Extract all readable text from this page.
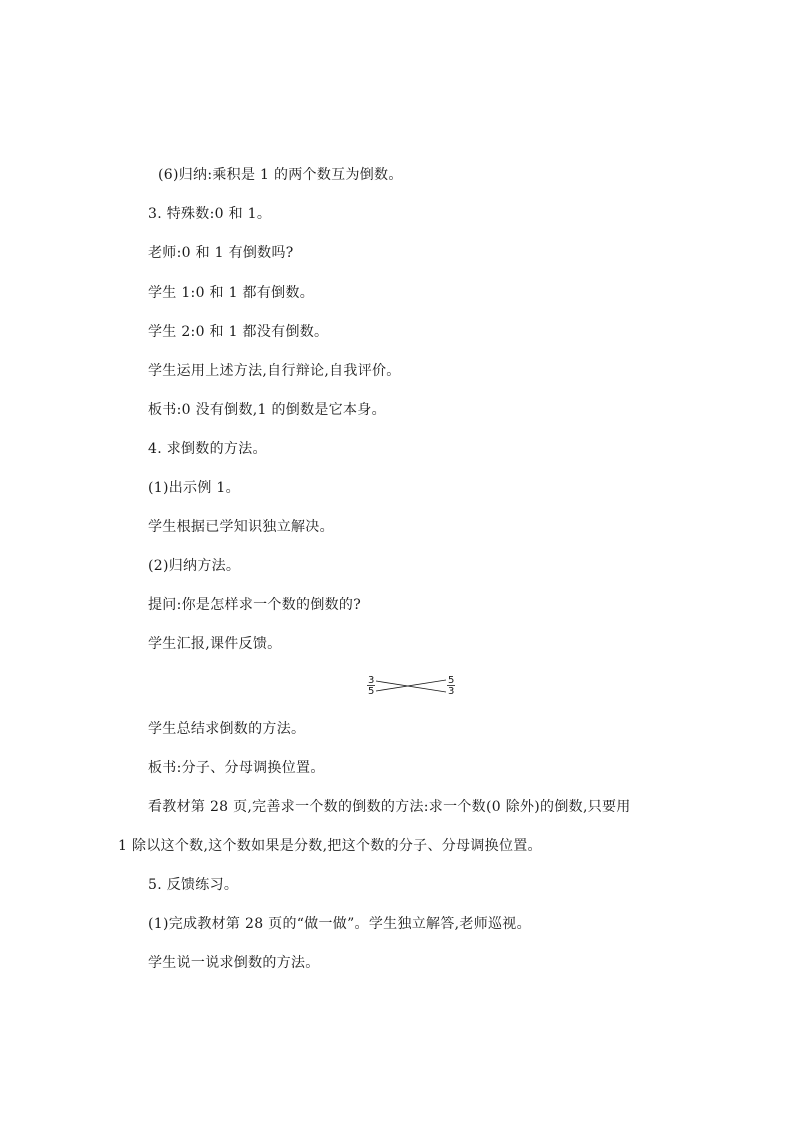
(6)归纳:乘积是 1 的两个数互为倒数。
3. 特殊数:0 和 1。
老师:0 和 1 有倒数吗?
学生 1:0 和 1 都有倒数。
学生 2:0 和 1 都没有倒数。
学生运用上述方法,自行辩论,自我评价。
板书:0 没有倒数,1 的倒数是它本身。
4. 求倒数的方法。
(1)出示例 1。
学生根据已学知识独立解决。
(2)归纳方法。
提问:你是怎样求一个数的倒数的?
学生汇报,课件反馈。
3
5
5
3
学生总结求倒数的方法。
板书:分子、分母调换位置。
看教材第 28 页,完善求一个数的倒数的方法:求一个数(0 除外)的倒数,只要用
1 除以这个数,这个数如果是分数,把这个数的分子、分母调换位置。
5. 反馈练习。
(1)完成教材第 28 页的“做一做”。学生独立解答,老师巡视。
学生说一说求倒数的方法。
